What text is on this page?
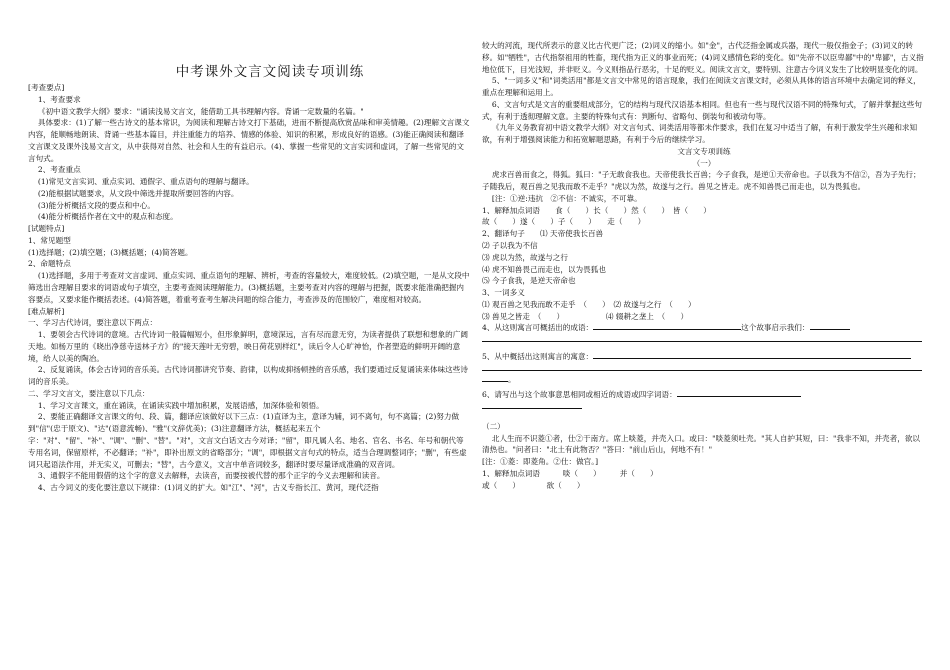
中考课外文言文阅读专项训练

[考查要点]

1、考查要求

《初中语文教学大纲》要求："诵读浅易文言文，能借助工具书理解内容。背诵一定数量的名篇。"

具体要求：(1)了解一些古诗文的基本常识，为阅读和理解古诗文打下基础，进而不断提高欣赏品味和审美情趣。(2)理解文言课文内容，能顺畅地朗读、背诵一些基本篇目，并注重能力的培养、情感的体验、知识的积累，形成良好的语感。(3)能正确阅读和翻译文言课文及课外浅易文言文，从中获得对自然、社会和人生的有益启示。(4)、掌握一些常见的文言实词和虚词，了解一些常见的文言句式。

2、考查重点

(1)常见文言实词、重点实词、通假字、重点语句的理解与翻译。

(2)能根据试题要求，从文段中筛选并提取所要回答的内容。

(3)能分析概括文段的要点和中心。

(4)能分析概括作者在文中的观点和态度。

[试题特点]

1、常见题型

(1)选择题；(2)填空题；(3)概括题；(4)简答题。

2、命题特点

(1)选择题，多用于考查对文言虚词、重点实词、重点语句的理解、辨析，考查的容量较大，难度较低。(2)填空题，一是从文段中筛选出含理解目要求的词语或句子填空，主要考查阅读理解能力。(3)概括题，主要考查对内容的理解与把握，既要求能准确把握内容要点，又要求能作概括表述。(4)简答题，着重考查考生解决问题的综合能力，考查涉及的范围较广，难度相对较高。

[难点解析]

一、学习古代诗词，要注意以下两点：

1、要领会古代诗词的意境。古代诗词一般篇幅短小，但形象鲜明，意境深远，言有尽而意无穷，为读者提供了联想和想象的广阔天地。如杨万里的《晓出净慈寺送林子方》的"接天莲叶无穷碧，映日荷花别样红"，读后令人心旷神怡，作者塑造的鲜明开阔的意境，给人以美的陶冶。

2、反复诵读，体会古诗词的音乐美。古代诗词都讲究节奏、韵律，以构成抑扬顿挫的音乐感，我们要通过反复诵读来体味这些诗词的音乐美。

二、学习文言文，要注意以下几点：

1、学习文言课文，重在诵读，在诵读实践中增加积累，发展语感，加深体验和领悟。

2、要能正确翻译文言课文的句、段、篇，翻译应该做好以下三点：(1)直译为主，意译为辅，词不离句，句不离篇；(2)努力做到"信"(忠于原文)、"达"(语意流畅)、"雅"(文辞优美)；(3)注意翻译方法，概括起来五个字："对"、"留"、"补"、"调"、"删"、"替"。"对"，文言文白话文古今对译；"留"，即凡属人名、地名、官名、书名、年号和朝代等专用名词，保留原样，不必翻译；"补"，即补出原文的省略部分；"调"，即根据文言句式的特点，适当合理调整词序；"删"，有些虚词只起语法作用，并无实义，可删去；"替"，古今意义，文言中单音词较多，翻译时要尽量译成准确的双音词。

3、通假字不能用假借的这个字的意义去解释，去读音，而要按被代替的那个正字的今义去理解和读音。

4、古今词义的变化要注意以下规律：(1)词义的扩大。如"江"、"河"，古义专指长江、黄河，现代泛指

较大的河流，现代所表示的意义比古代更广泛；(2)词义的缩小。如"金"，古代泛指金属或兵器，现代一般仅指金子；(3)词义的转移。如"牺牲"，古代指祭祖用的牲畜，现代指为正义的事业而死；(4)词义感情色彩的变化。如"先帝不以臣卑鄙"中的"卑鄙"，古义指地位低下，目光浅短，并非贬义。今义则指品行恶劣，十足的贬义。阅读文言文，要特别、注意古今词义发生了比较明显变化的词。

5、"一词多义"和"词类活用"都是文言文中常见的语言现象，我们在阅读文言课文时，必须从具体的语言环境中去确定词的释义，重点在理解和运用上。

6、文言句式是文言的重要组成部分，它的结构与现代汉语基本相同。但也有一些与现代汉语不同的特殊句式，了解并掌握这些句式，有利于透彻理解文意。主要的特殊句式有：判断句、省略句、倒装句和被动句等。

《九年义务教育初中语文教学大纲》对文言句式、词类活用等都未作要求，我们在复习中适当了解，有利于激发学生兴趣和求知欲，有利于增强阅读能力和拓宽解题思路，有利于今后的继续学习。

文言文专项训练

（一）

虎求百兽而食之，得狐。狐曰："子无敢食我也。天帝使我长百兽；今子食我，是逆①天帝命也。子以我为不信②，吾为子先行；子随我后，观百兽之见我而敢不走乎？"虎以为然，故遂与之行。兽见之皆走。虎不知兽畏己而走也，以为畏狐也。

[注：①逆:违抗　②不信：不诚实，不可靠。

1、解释加点词语　　食（　　）长（　　）然（　　）　皆（　　）

故（　　）遂（　　）子（　　）　　走（　　）

2、翻译句子　　⑴ 天帝使我长百兽

⑵ 子以我为不信

⑶ 虎以为然，故遂与之行

⑷ 虎不知兽畏己而走也，以为畏狐也

⑸ 今子食我，是逆天帝命也

3、一词多义

⑴ 观百兽之见我而敢不走乎　（　　）　⑵ 故遂与之行　（　　）

⑶ 兽见之皆走　（　　）　　　　　　⑷ 辍耕之垄上　（　　）

4、从这则寓言可概括出的成语：	这个故事启示我们：

5、从中概括出这则寓言的寓意：

。

6、请写出与这个故事意思相同或相近的成语或四字词语：

（二）

北人生而不识菱①者，仕②于南方。席上啖菱，并壳入口。或曰："啖菱须吐壳。"其人自护其短，曰："我非不知，并壳者，欲以清热也。"问者曰："北土有此物否？"答曰："前山后山，何地不有！"

[注：①菱：即菱角。②仕：做官。]

1、解释加点词语　　　啖（　　）　　　并（　　）

或（　　）　　　　欲（　　）
